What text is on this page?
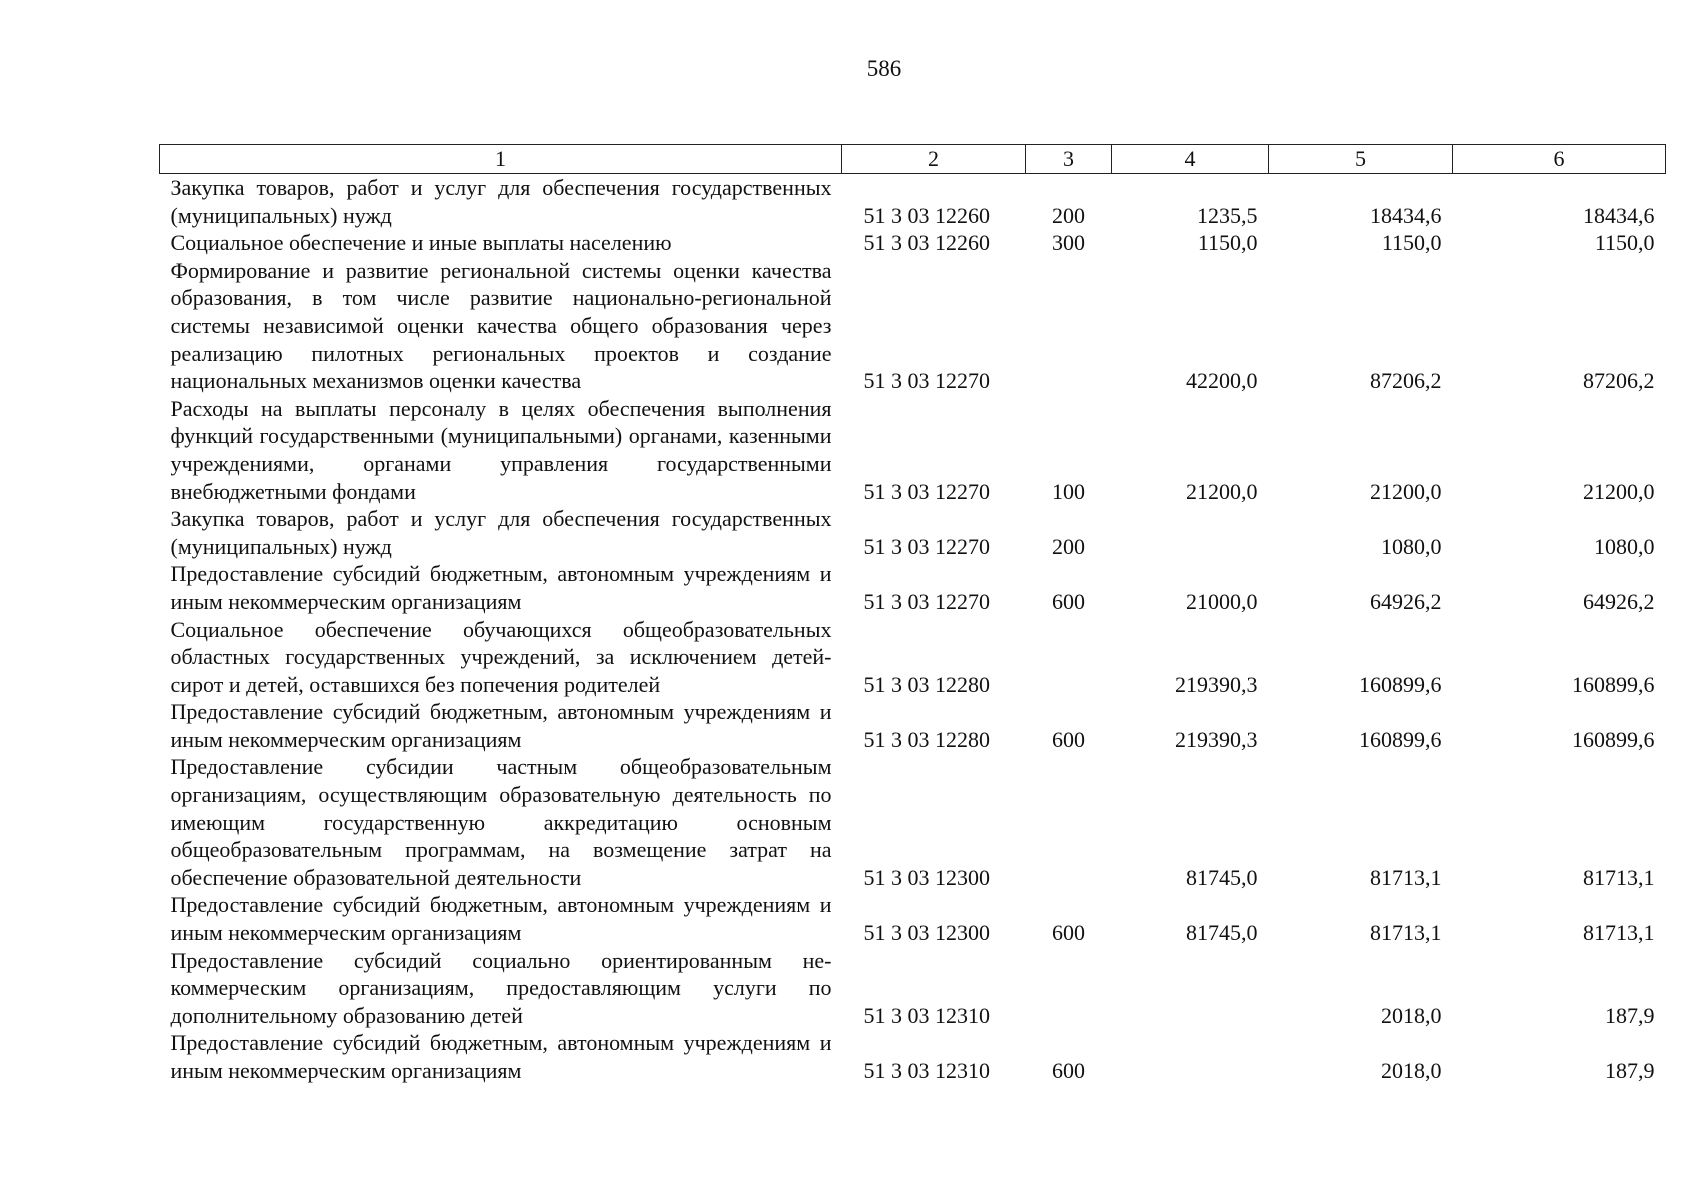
586
1	2	3	4	5	6
Закупка товаров, работ и услуг для обеспечения государственных (муниципальных) нужд	51 3 03 12260	200	1235,5	18434,6	18434,6
Социальное обеспечение и иные выплаты населению	51 3 03 12260	300	1150,0	1150,0	1150,0
Формирование и развитие региональной системы оценки качества образования, в том числе развитие национально-региональной системы независимой оценки качества общего образования через реализацию пилотных региональных проектов и создание национальных механизмов оценки качества	51 3 03 12270		42200,0	87206,2	87206,2
Расходы на выплаты персоналу в целях обеспечения выполнения функций государственными (муниципальными) органами, казенными учреждениями, органами управления государственными внебюджетными фондами	51 3 03 12270	100	21200,0	21200,0	21200,0
Закупка товаров, работ и услуг для обеспечения государственных (муниципальных) нужд	51 3 03 12270	200		1080,0	1080,0
Предоставление субсидий бюджетным, автономным учреждениям и иным некоммерческим организациям	51 3 03 12270	600	21000,0	64926,2	64926,2
Социальное обеспечение обучающихся общеобразовательных областных государственных учреждений, за исключением детей-сирот и детей, оставшихся без попечения родителей	51 3 03 12280		219390,3	160899,6	160899,6
Предоставление субсидий бюджетным, автономным учреждениям и иным некоммерческим организациям	51 3 03 12280	600	219390,3	160899,6	160899,6
Предоставление субсидии частным общеобразовательным организациям, осуществляющим образовательную деятельность по имеющим государственную аккредитацию основным общеобразовательным программам, на возмещение затрат на обеспечение образовательной деятельности	51 3 03 12300		81745,0	81713,1	81713,1
Предоставление субсидий бюджетным, автономным учреждениям и иным некоммерческим организациям	51 3 03 12300	600	81745,0	81713,1	81713,1
Предоставление субсидий социально ориентированным некоммерческим организациям, предоставляющим услуги по дополнительному образованию детей	51 3 03 12310			2018,0	187,9
Предоставление субсидий бюджетным, автономным учреждениям и иным некоммерческим организациям	51 3 03 12310	600		2018,0	187,9
